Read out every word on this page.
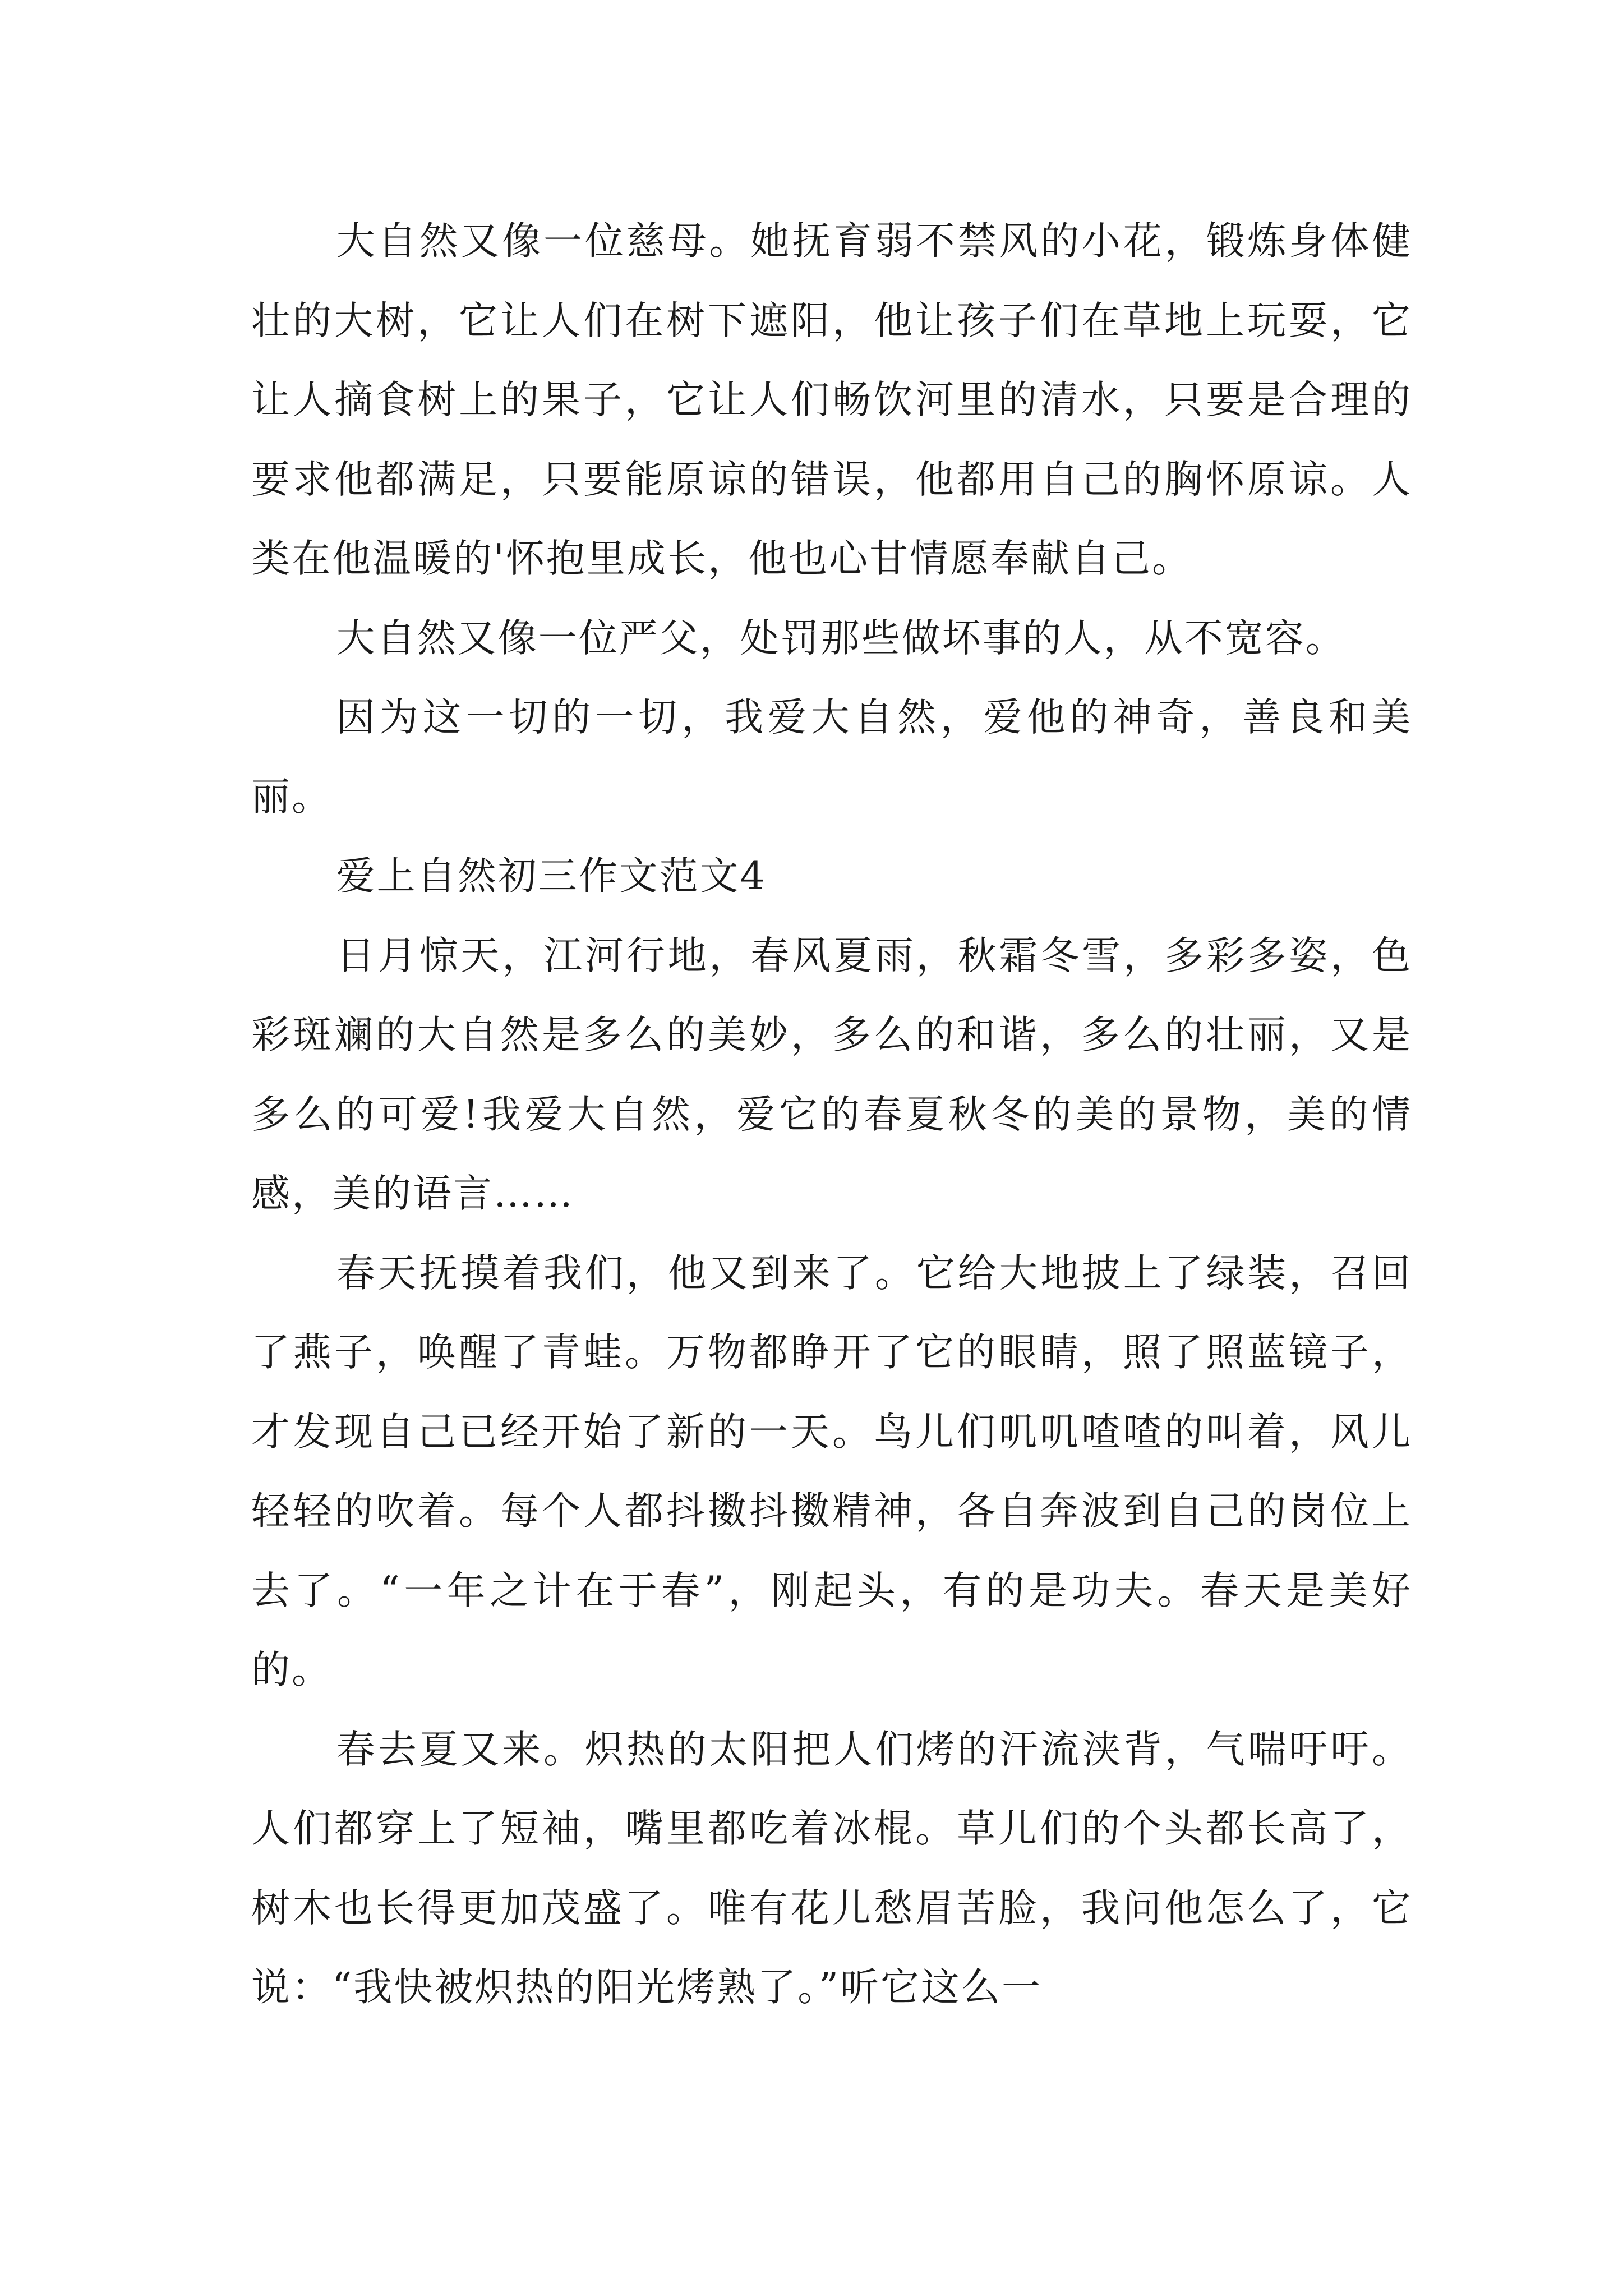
大自然又像一位慈母。她抚育弱不禁风的小花，锻炼身体健壮的大树，它让人们在树下遮阳，他让孩子们在草地上玩耍，它让人摘食树上的果子，它让人们畅饮河里的清水，只要是合理的要求他都满足，只要能原谅的错误，他都用自己的胸怀原谅。人类在他温暖的'怀抱里成长，他也心甘情愿奉献自己。

大自然又像一位严父，处罚那些做坏事的人，从不宽容。

因为这一切的一切，我爱大自然，爱他的神奇，善良和美丽。

爱上自然初三作文范文4

日月惊天，江河行地，春风夏雨，秋霜冬雪，多彩多姿，色彩斑斓的大自然是多么的美妙，多么的和谐，多么的壮丽，又是多么的可爱!我爱大自然，爱它的春夏秋冬的美的景物，美的情感，美的语言……

春天抚摸着我们，他又到来了。它给大地披上了绿装，召回了燕子，唤醒了青蛙。万物都睁开了它的眼睛，照了照蓝镜子，才发现自己已经开始了新的一天。鸟儿们叽叽喳喳的叫着，风儿轻轻的吹着。每个人都抖擞抖擞精神，各自奔波到自己的岗位上去了。“一年之计在于春”，刚起头，有的是功夫。春天是美好的。

春去夏又来。炽热的太阳把人们烤的汗流浃背，气喘吁吁。人们都穿上了短袖，嘴里都吃着冰棍。草儿们的个头都长高了，树木也长得更加茂盛了。唯有花儿愁眉苦脸，我问他怎么了，它说：“我快被炽热的阳光烤熟了。”听它这么一
